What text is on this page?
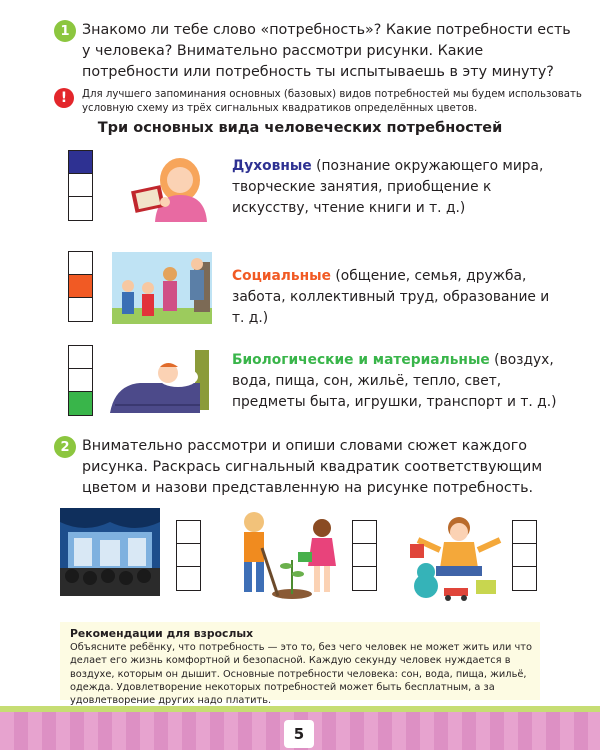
1 Знакомо ли тебе слово «потребность»? Какие потребности есть у человека? Внимательно рассмотри рисунки. Какие потребности или потребность ты испытываешь в эту минуту?
!	Для лучшего запоминания основных (базовых) видов потребностей мы будем использовать условную схему из трёх сигнальных квадратиков определённых цветов.
Три основных вида человеческих потребностей
Духовные (познание окружающего мира, творческие занятия, приобщение к искусству, чтение книги и т. д.)
Социальные (общение, семья, дружба, забота, коллективный труд, образование и т. д.)
Биологические и материальные (воздух, вода, пища, сон, жильё, тепло, свет, предметы быта, игрушки, транспорт и т. д.)
2 Внимательно рассмотри и опиши словами сюжет каждого рисунка. Раскрась сигнальный квадратик соответствующим цветом и назови представленную на рисунке потребность.
Рекомендации для взрослых
Объясните ребёнку, что потребность — это то, без чего человек не может жить или что делает его жизнь комфортной и безопасной. Каждую секунду человек нуждается в воздухе, которым он дышит. Основные потребности человека: сон, вода, пища, жильё, одежда. Удовлетворение некоторых потребностей может быть бесплатным, а за удовлетворение других надо платить.
5
